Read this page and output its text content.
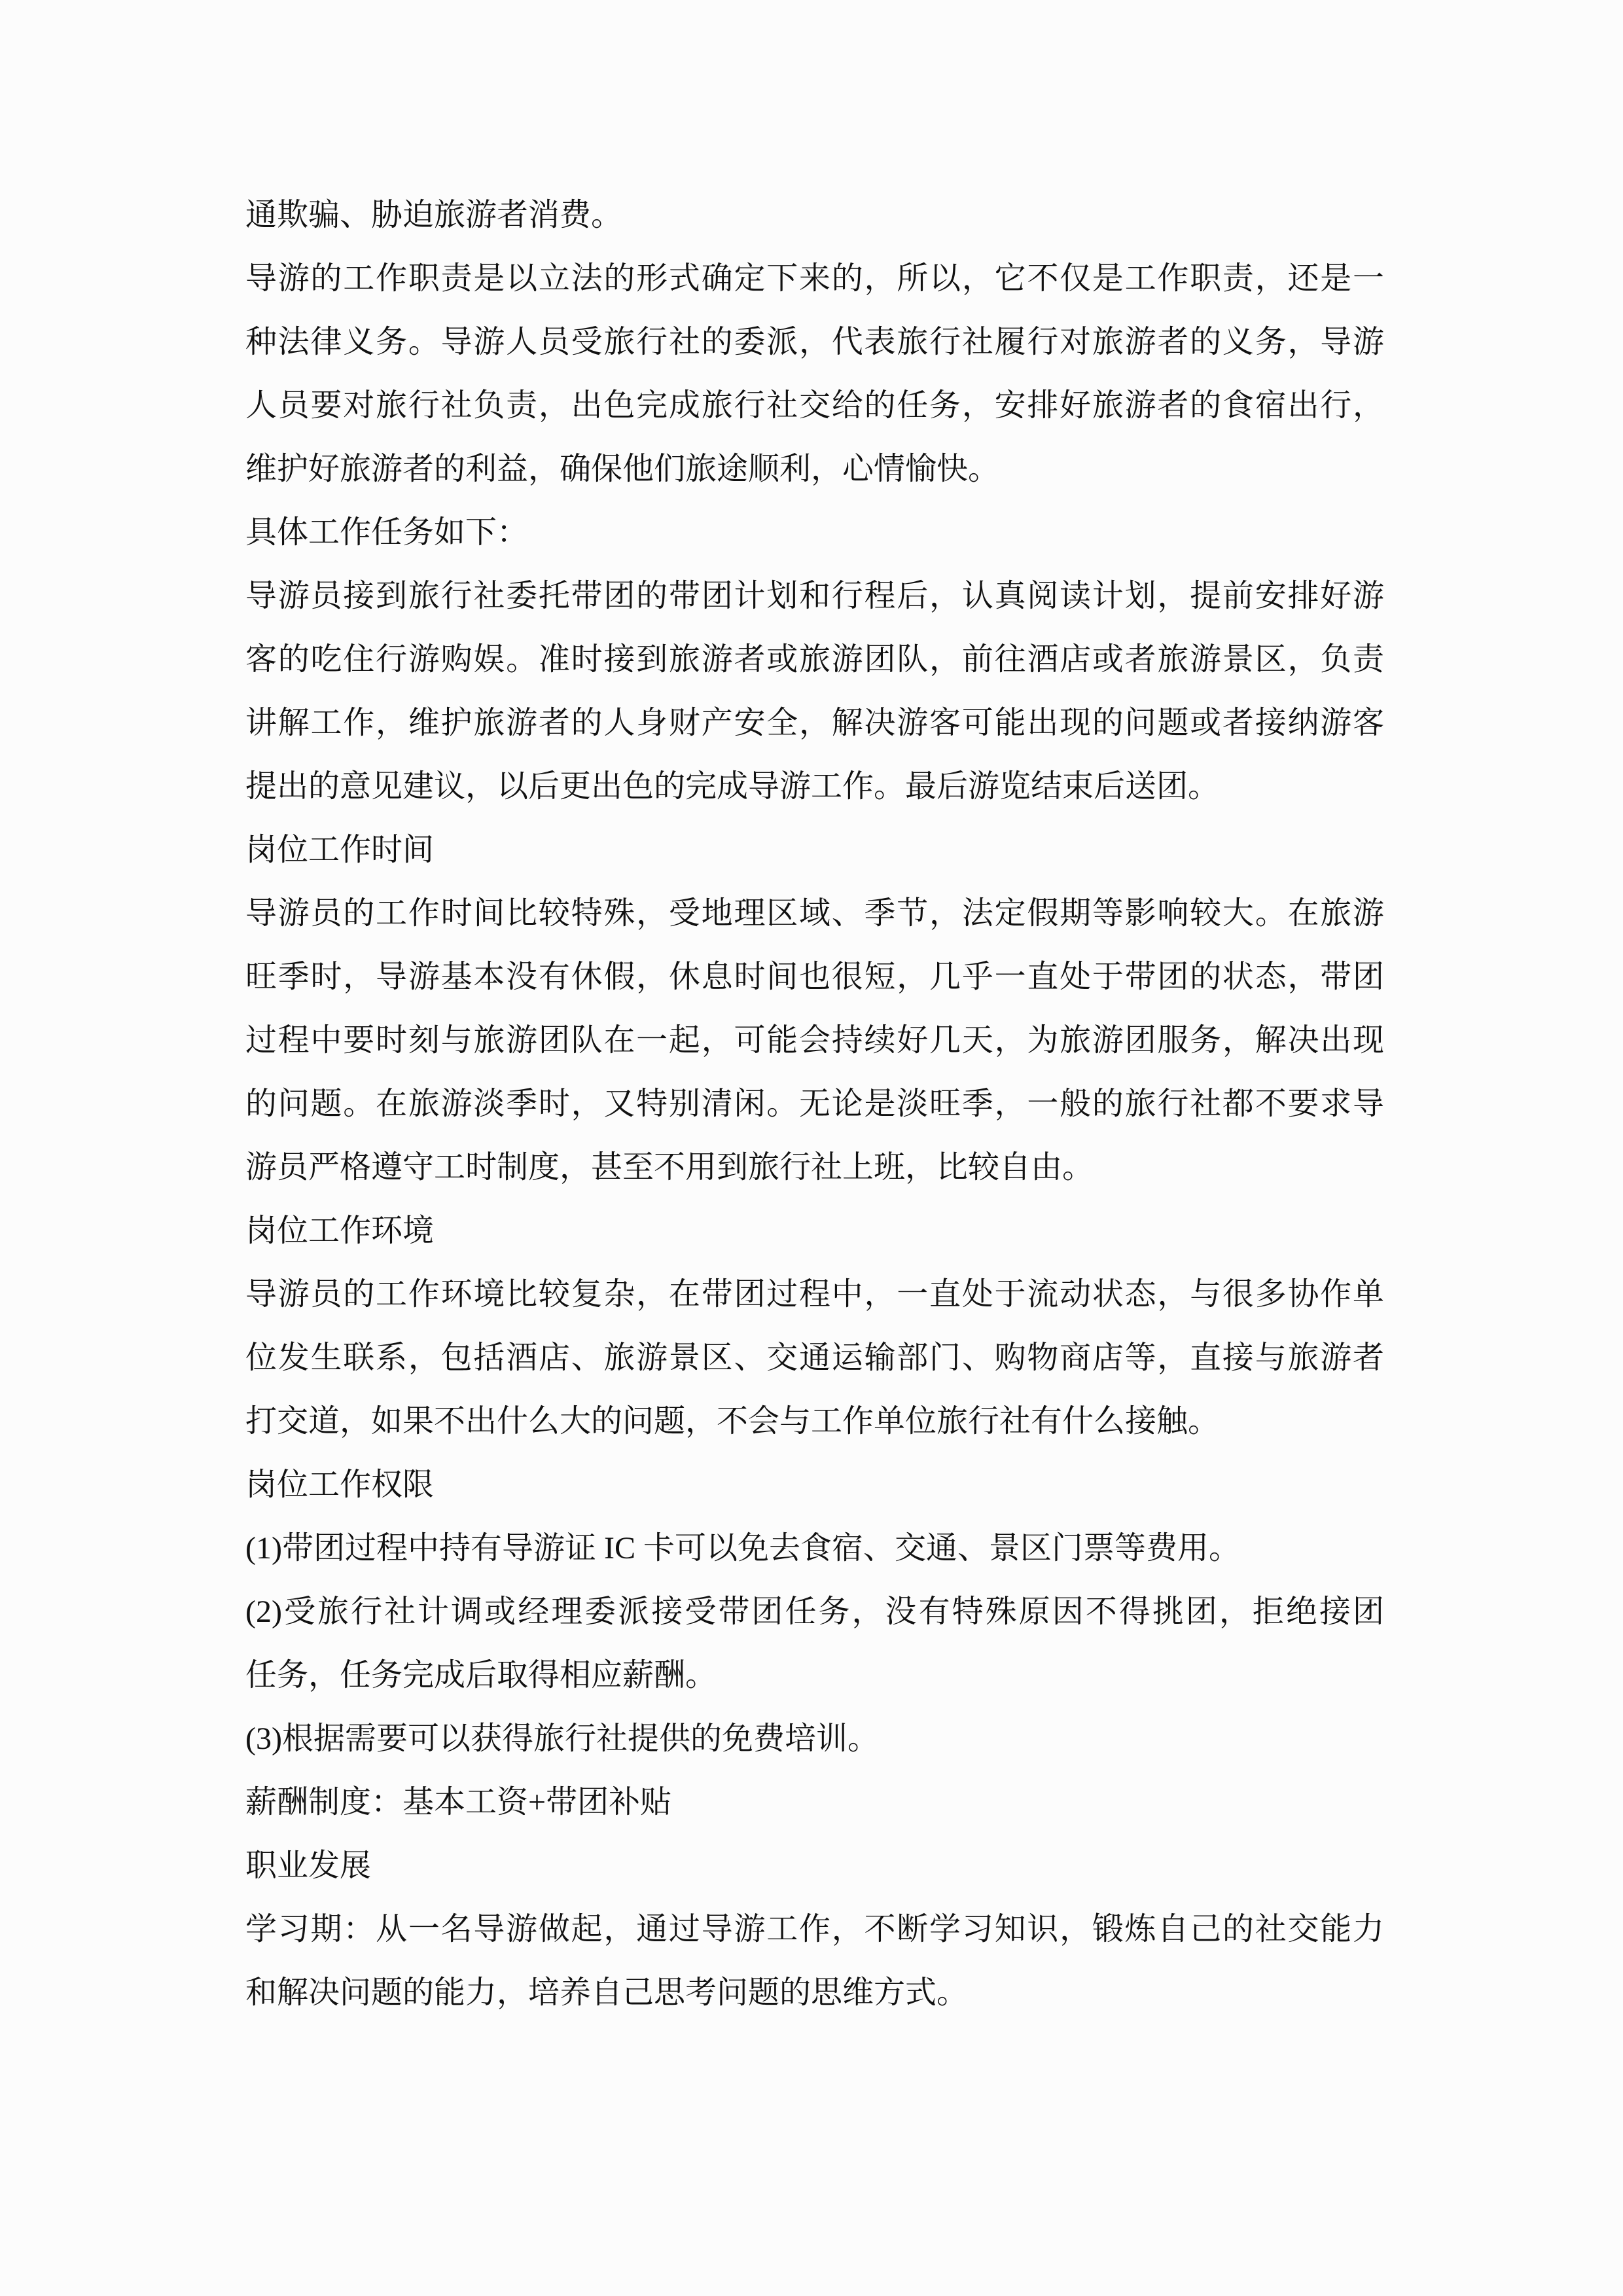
通欺骗、胁迫旅游者消费。
导游的工作职责是以立法的形式确定下来的，所以，它不仅是工作职责，还是一
种法律义务。导游人员受旅行社的委派，代表旅行社履行对旅游者的义务，导游
人员要对旅行社负责，出色完成旅行社交给的任务，安排好旅游者的食宿出行，
维护好旅游者的利益，确保他们旅途顺利，心情愉快。
具体工作任务如下：
导游员接到旅行社委托带团的带团计划和行程后，认真阅读计划，提前安排好游
客的吃住行游购娱。准时接到旅游者或旅游团队，前往酒店或者旅游景区，负责
讲解工作，维护旅游者的人身财产安全，解决游客可能出现的问题或者接纳游客
提出的意见建议，以后更出色的完成导游工作。最后游览结束后送团。
岗位工作时间
导游员的工作时间比较特殊，受地理区域、季节，法定假期等影响较大。在旅游
旺季时，导游基本没有休假，休息时间也很短，几乎一直处于带团的状态，带团
过程中要时刻与旅游团队在一起，可能会持续好几天，为旅游团服务，解决出现
的问题。在旅游淡季时，又特别清闲。无论是淡旺季，一般的旅行社都不要求导
游员严格遵守工时制度，甚至不用到旅行社上班，比较自由。
岗位工作环境
导游员的工作环境比较复杂，在带团过程中，一直处于流动状态，与很多协作单
位发生联系，包括酒店、旅游景区、交通运输部门、购物商店等，直接与旅游者
打交道，如果不出什么大的问题，不会与工作单位旅行社有什么接触。
岗位工作权限
(1)带团过程中持有导游证 IC 卡可以免去食宿、交通、景区门票等费用。
(2)受旅行社计调或经理委派接受带团任务，没有特殊原因不得挑团，拒绝接团
任务，任务完成后取得相应薪酬。
(3)根据需要可以获得旅行社提供的免费培训。
薪酬制度：基本工资+带团补贴
职业发展
学习期：从一名导游做起，通过导游工作，不断学习知识，锻炼自己的社交能力
和解决问题的能力，培养自己思考问题的思维方式。
